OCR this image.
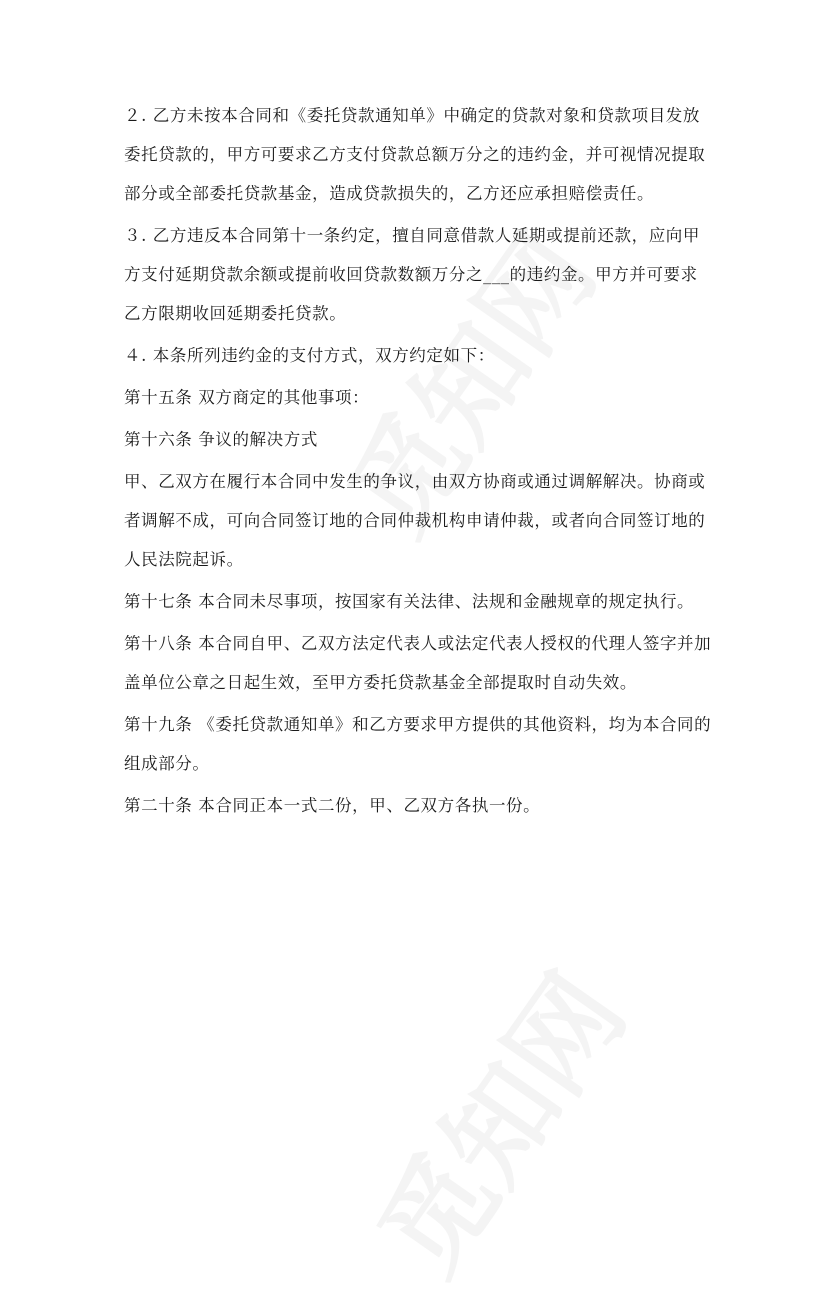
２. 乙方未按本合同和《委托贷款通知单》中确定的贷款对象和贷款项目发放委托贷款的，甲方可要求乙方支付贷款总额万分之的违约金，并可视情况提取部分或全部委托贷款基金，造成贷款损失的，乙方还应承担赔偿责任。

３. 乙方违反本合同第十一条约定，擅自同意借款人延期或提前还款，应向甲方支付延期贷款余额或提前收回贷款数额万分之___的违约金。甲方并可要求乙方限期收回延期委托贷款。

４. 本条所列违约金的支付方式，双方约定如下：

第十五条 双方商定的其他事项：

第十六条 争议的解决方式

甲、乙双方在履行本合同中发生的争议，由双方协商或通过调解解决。协商或者调解不成，可向合同签订地的合同仲裁机构申请仲裁，或者向合同签订地的人民法院起诉。

第十七条 本合同未尽事项，按国家有关法律、法规和金融规章的规定执行。

第十八条 本合同自甲、乙双方法定代表人或法定代表人授权的代理人签字并加盖单位公章之日起生效，至甲方委托贷款基金全部提取时自动失效。

第十九条 《委托贷款通知单》和乙方要求甲方提供的其他资料，均为本合同的组成部分。

第二十条 本合同正本一式二份，甲、乙双方各执一份。
